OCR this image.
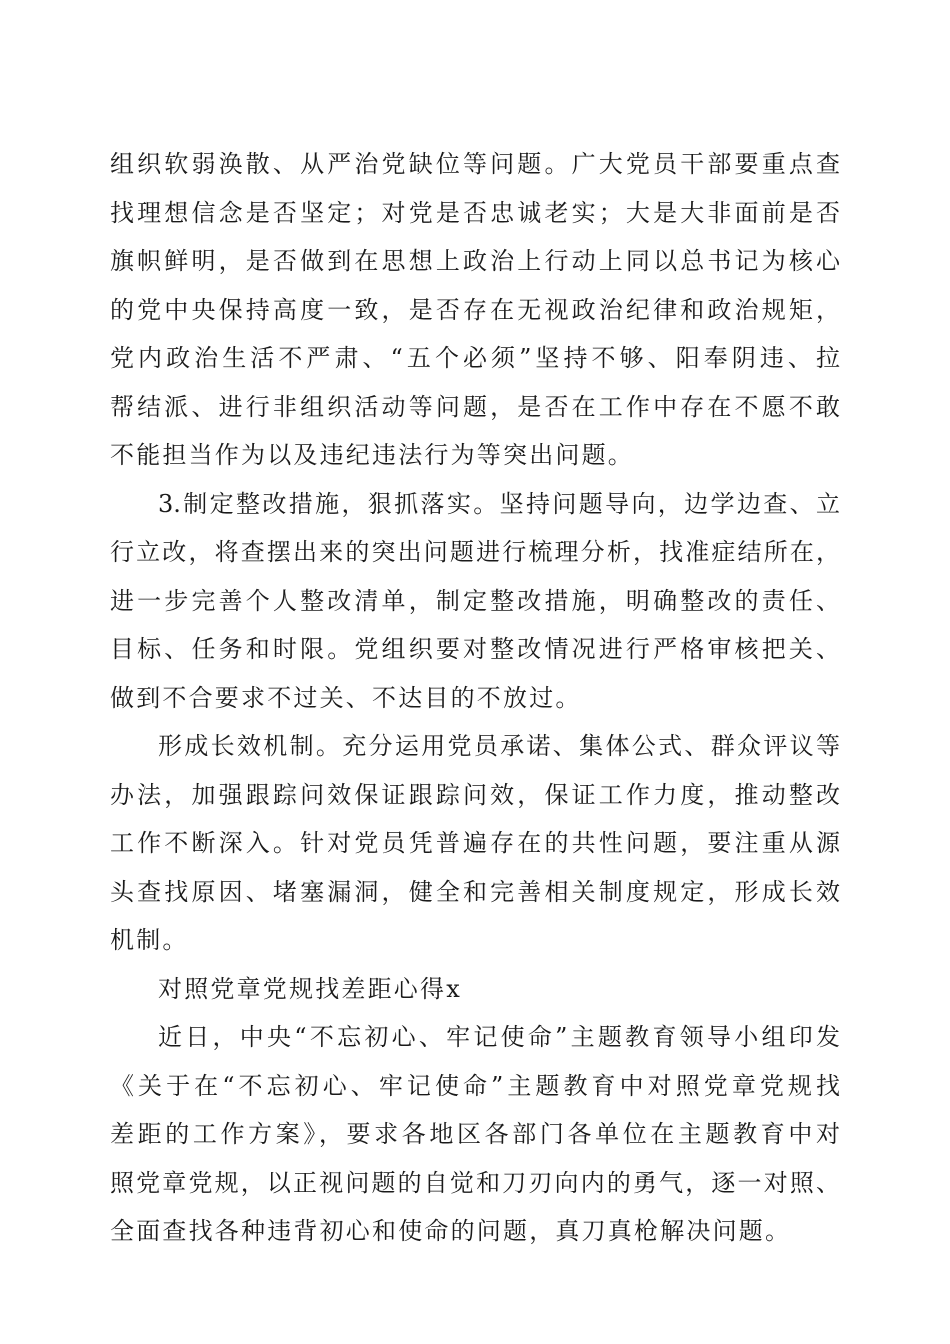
组织软弱涣散、从严治党缺位等问题。广大党员干部要重点查
找理想信念是否坚定；对党是否忠诚老实；大是大非面前是否
旗帜鲜明，是否做到在思想上政治上行动上同以总书记为核心
的党中央保持高度一致，是否存在无视政治纪律和政治规矩，
党内政治生活不严肃、“五个必须”坚持不够、阳奉阴违、拉
帮结派、进行非组织活动等问题，是否在工作中存在不愿不敢
不能担当作为以及违纪违法行为等突出问题。
3.制定整改措施，狠抓落实。坚持问题导向，边学边查、立
行立改，将查摆出来的突出问题进行梳理分析，找准症结所在，
进一步完善个人整改清单，制定整改措施，明确整改的责任、
目标、任务和时限。党组织要对整改情况进行严格审核把关、
做到不合要求不过关、不达目的不放过。
形成长效机制。充分运用党员承诺、集体公式、群众评议等
办法，加强跟踪问效保证跟踪问效，保证工作力度，推动整改
工作不断深入。针对党员凭普遍存在的共性问题，要注重从源
头查找原因、堵塞漏洞，健全和完善相关制度规定，形成长效
机制。
对照党章党规找差距心得x
近日，中央“不忘初心、牢记使命”主题教育领导小组印发
《关于在“不忘初心、牢记使命”主题教育中对照党章党规找
差距的工作方案》，要求各地区各部门各单位在主题教育中对
照党章党规，以正视问题的自觉和刀刃向内的勇气，逐一对照、
全面查找各种违背初心和使命的问题，真刀真枪解决问题。
